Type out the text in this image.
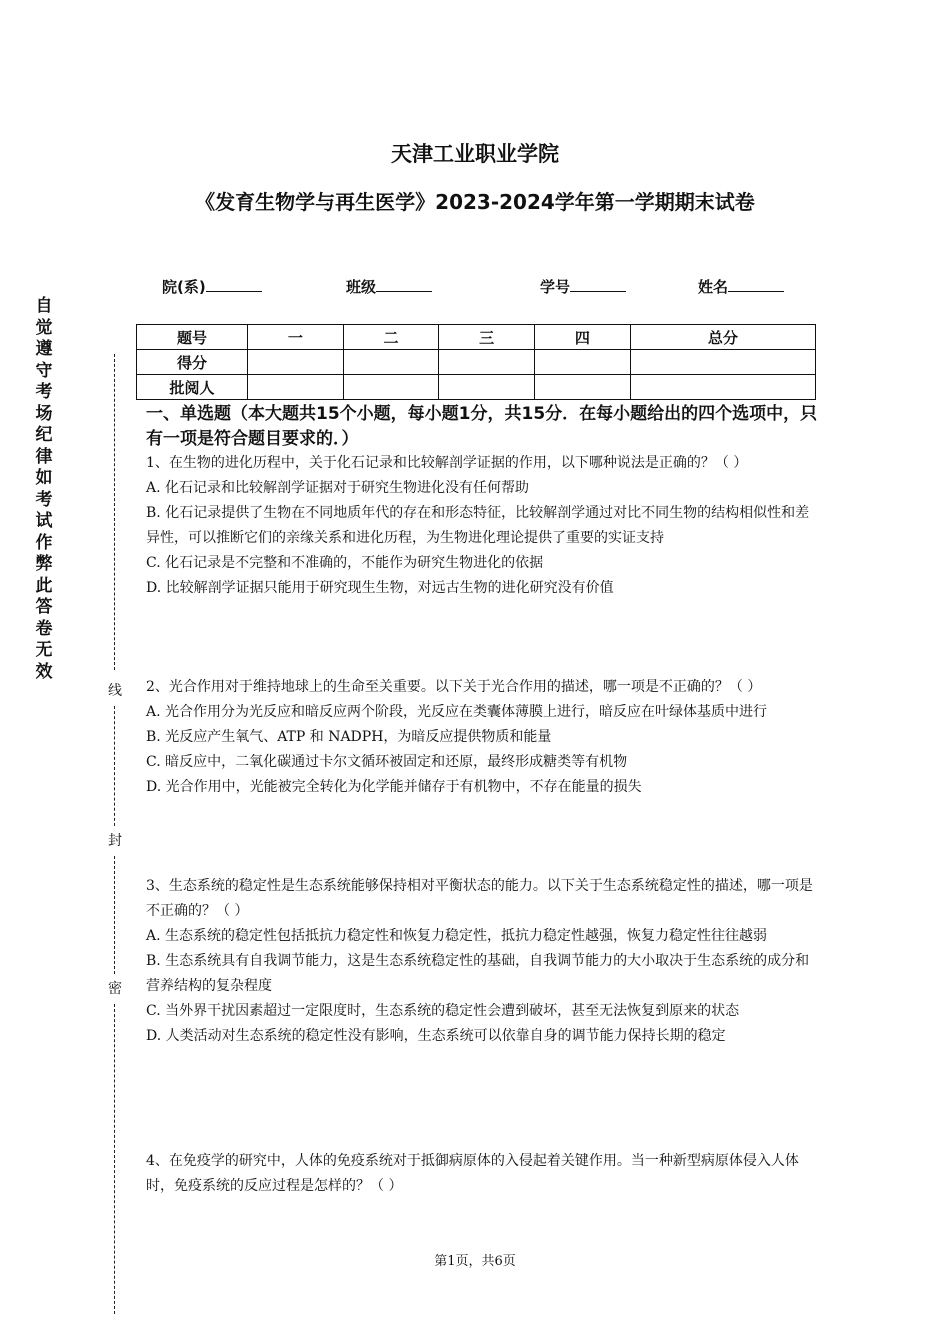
天津工业职业学院
《发育生物学与再生医学》2023-2024学年第一学期期末试卷
院(系)	班级	学号	姓名
题号	一	二	三	四	总分
得分					
批阅人					
自觉遵守考场纪律如考试作弊此答卷无效
线
封
密
一、单选题（本大题共15个小题，每小题1分，共15分．在每小题给出的四个选项中，只有一项是符合题目要求的．）

1、在生物的进化历程中，关于化石记录和比较解剖学证据的作用，以下哪种说法是正确的？（ ）

A. 化石记录和比较解剖学证据对于研究生物进化没有任何帮助

B. 化石记录提供了生物在不同地质年代的存在和形态特征，比较解剖学通过对比不同生物的结构相似性和差异性，可以推断它们的亲缘关系和进化历程，为生物进化理论提供了重要的实证支持

C. 化石记录是不完整和不准确的，不能作为研究生物进化的依据

D. 比较解剖学证据只能用于研究现生生物，对远古生物的进化研究没有价值

2、光合作用对于维持地球上的生命至关重要。以下关于光合作用的描述，哪一项是不正确的？（ ）

A. 光合作用分为光反应和暗反应两个阶段，光反应在类囊体薄膜上进行，暗反应在叶绿体基质中进行

B. 光反应产生氧气、ATP 和 NADPH，为暗反应提供物质和能量

C. 暗反应中，二氧化碳通过卡尔文循环被固定和还原，最终形成糖类等有机物

D. 光合作用中，光能被完全转化为化学能并储存于有机物中，不存在能量的损失

3、生态系统的稳定性是生态系统能够保持相对平衡状态的能力。以下关于生态系统稳定性的描述，哪一项是不正确的？（ ）

A. 生态系统的稳定性包括抵抗力稳定性和恢复力稳定性，抵抗力稳定性越强，恢复力稳定性往往越弱

B. 生态系统具有自我调节能力，这是生态系统稳定性的基础，自我调节能力的大小取决于生态系统的成分和营养结构的复杂程度

C. 当外界干扰因素超过一定限度时，生态系统的稳定性会遭到破坏，甚至无法恢复到原来的状态

D. 人类活动对生态系统的稳定性没有影响，生态系统可以依靠自身的调节能力保持长期的稳定

4、在免疫学的研究中，人体的免疫系统对于抵御病原体的入侵起着关键作用。当一种新型病原体侵入人体时，免疫系统的反应过程是怎样的？（ ）

第1页，共6页
